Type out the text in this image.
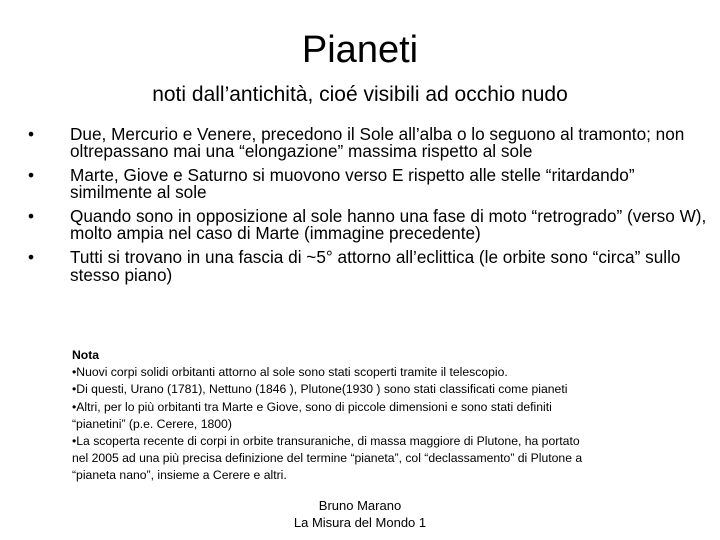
Pianeti
noti dall’antichità, cioé visibili ad occhio nudo
• Due, Mercurio e Venere, precedono il Sole all’alba o lo seguono al tramonto; non oltrepassano mai una “elongazione” massima rispetto al sole
• Marte, Giove e Saturno si muovono verso E rispetto alle stelle “ritardando” similmente al sole
• Quando sono in opposizione al sole hanno una fase di moto “retrogrado” (verso W), molto ampia nel caso di Marte (immagine precedente)
• Tutti si trovano in una fascia di ~5° attorno all’eclittica (le orbite sono “circa” sullo stesso piano)
Nota
•Nuovi corpi solidi orbitanti attorno al sole sono stati scoperti tramite il telescopio.
•Di questi, Urano (1781), Nettuno (1846 ), Plutone(1930 ) sono stati classificati come pianeti
•Altri, per lo più orbitanti tra Marte e Giove, sono di piccole dimensioni e sono stati definiti
“pianetini” (p.e. Cerere, 1800)
•La scoperta recente di corpi in orbite transuraniche, di massa maggiore di Plutone, ha portato
nel 2005 ad una più precisa definizione del termine “pianeta”, col “declassamento” di Plutone a
“pianeta nano”, insieme a Cerere e altri.
Bruno Marano
La Misura del Mondo 1
